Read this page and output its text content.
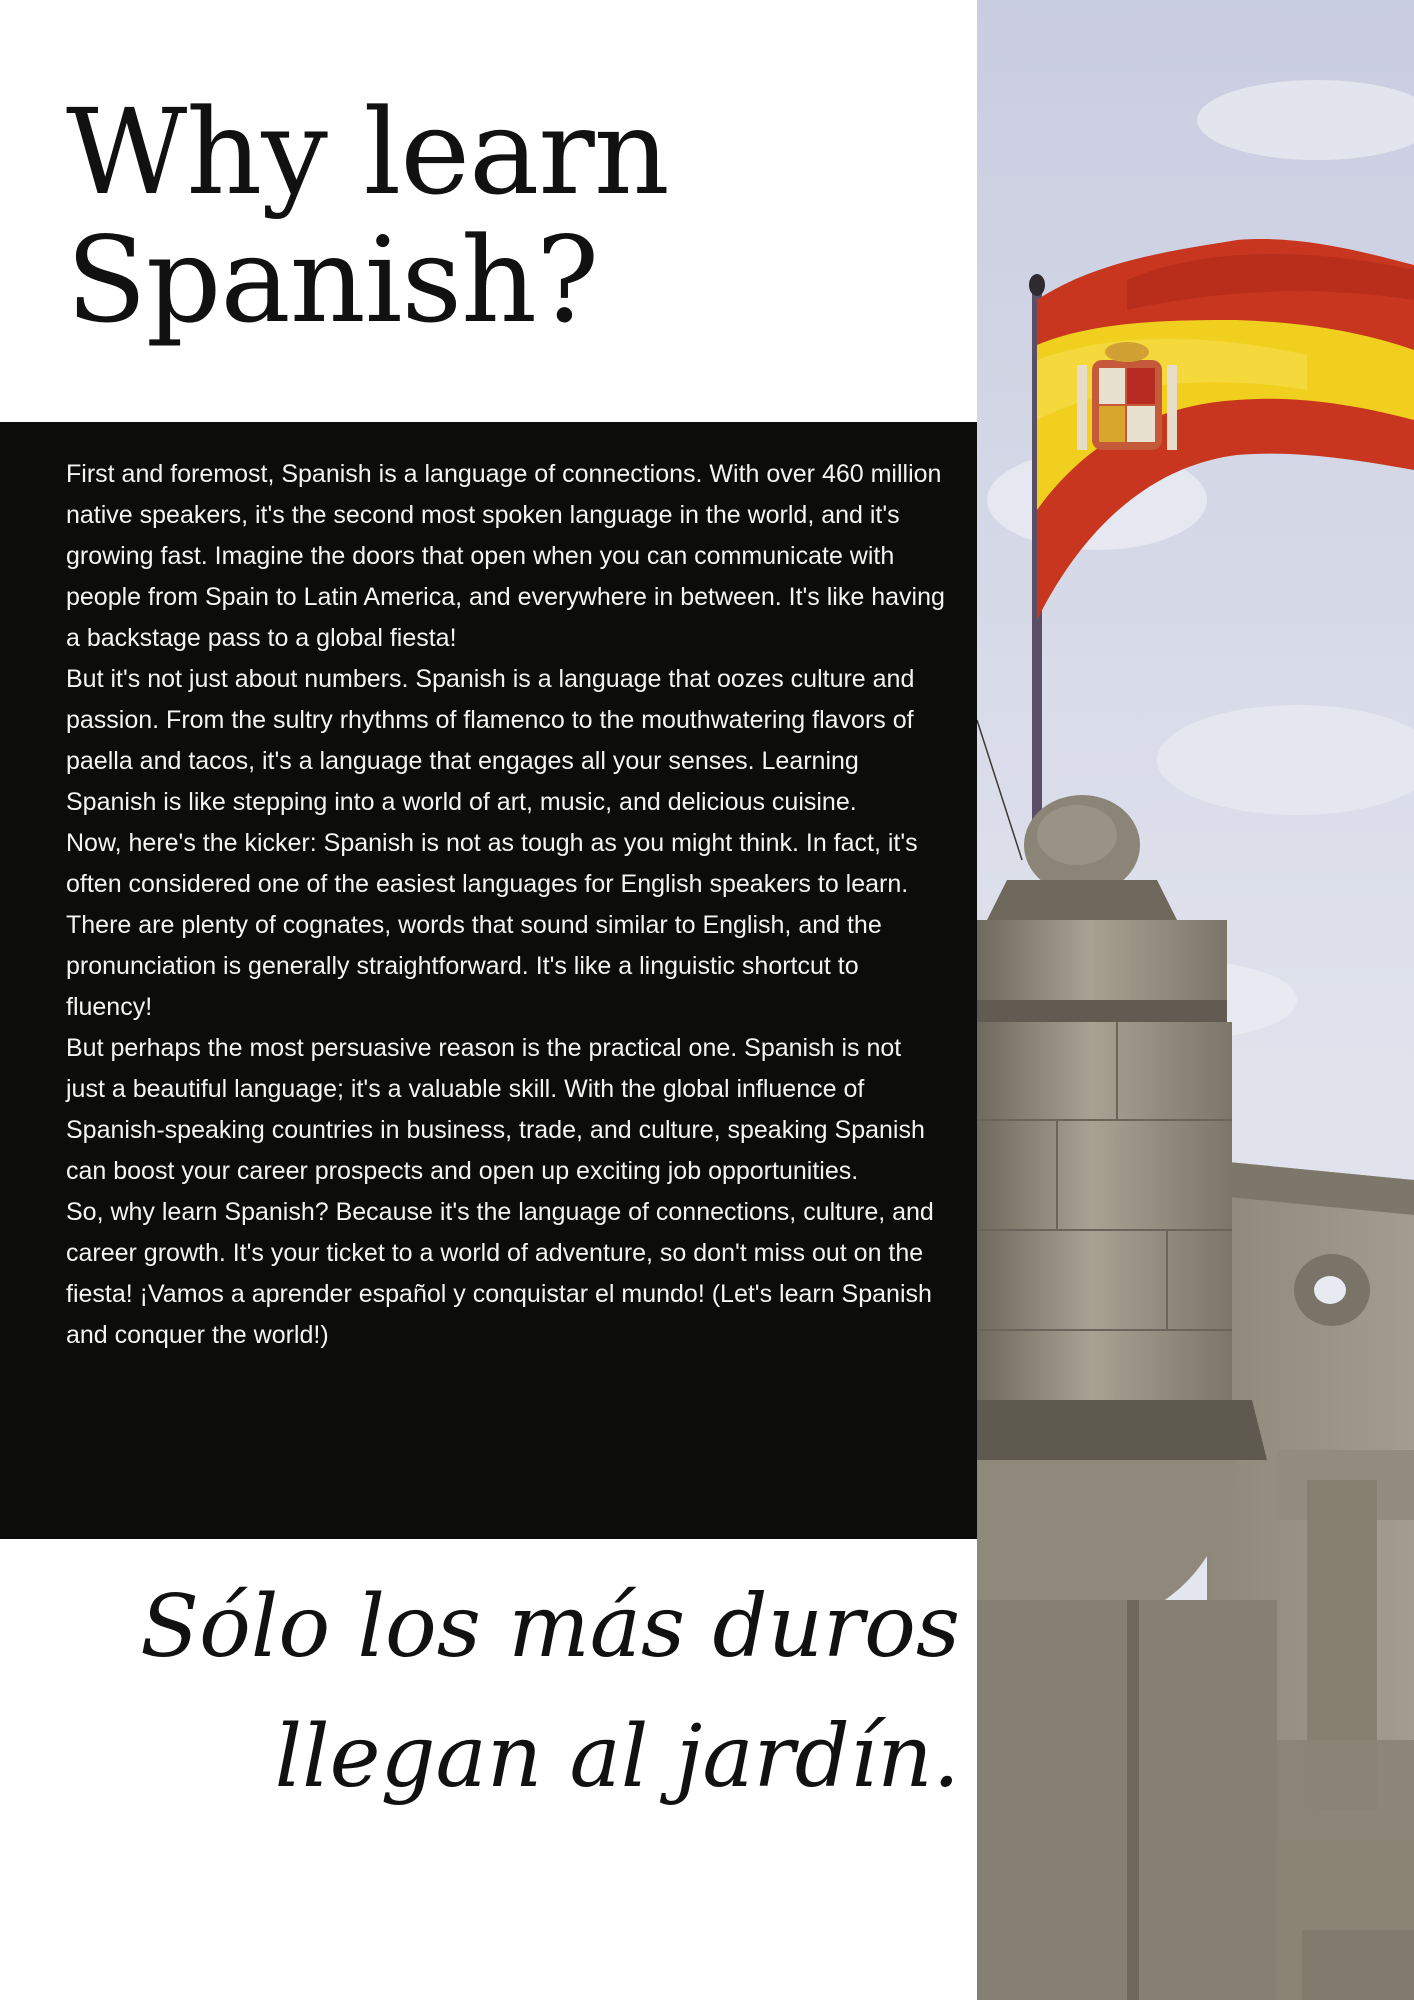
Why learn
Spanish?

First and foremost, Spanish is a language of connections. With over 460 million native speakers, it's the second most spoken language in the world, and it's growing fast. Imagine the doors that open when you can communicate with people from Spain to Latin America, and everywhere in between. It's like having a backstage pass to a global fiesta!

But it's not just about numbers. Spanish is a language that oozes culture and passion. From the sultry rhythms of flamenco to the mouthwatering flavors of paella and tacos, it's a language that engages all your senses. Learning Spanish is like stepping into a world of art, music, and delicious cuisine.

Now, here's the kicker: Spanish is not as tough as you might think. In fact, it's often considered one of the easiest languages for English speakers to learn. There are plenty of cognates, words that sound similar to English, and the pronunciation is generally straightforward. It's like a linguistic shortcut to fluency!

But perhaps the most persuasive reason is the practical one. Spanish is not just a beautiful language; it's a valuable skill. With the global influence of Spanish-speaking countries in business, trade, and culture, speaking Spanish can boost your career prospects and open up exciting job opportunities.

So, why learn Spanish? Because it's the language of connections, culture, and career growth. It's your ticket to a world of adventure, so don't miss out on the fiesta! ¡Vamos a aprender español y conquistar el mundo! (Let's learn Spanish and conquer the world!)

Sólo los más duros llegan al jardín.
